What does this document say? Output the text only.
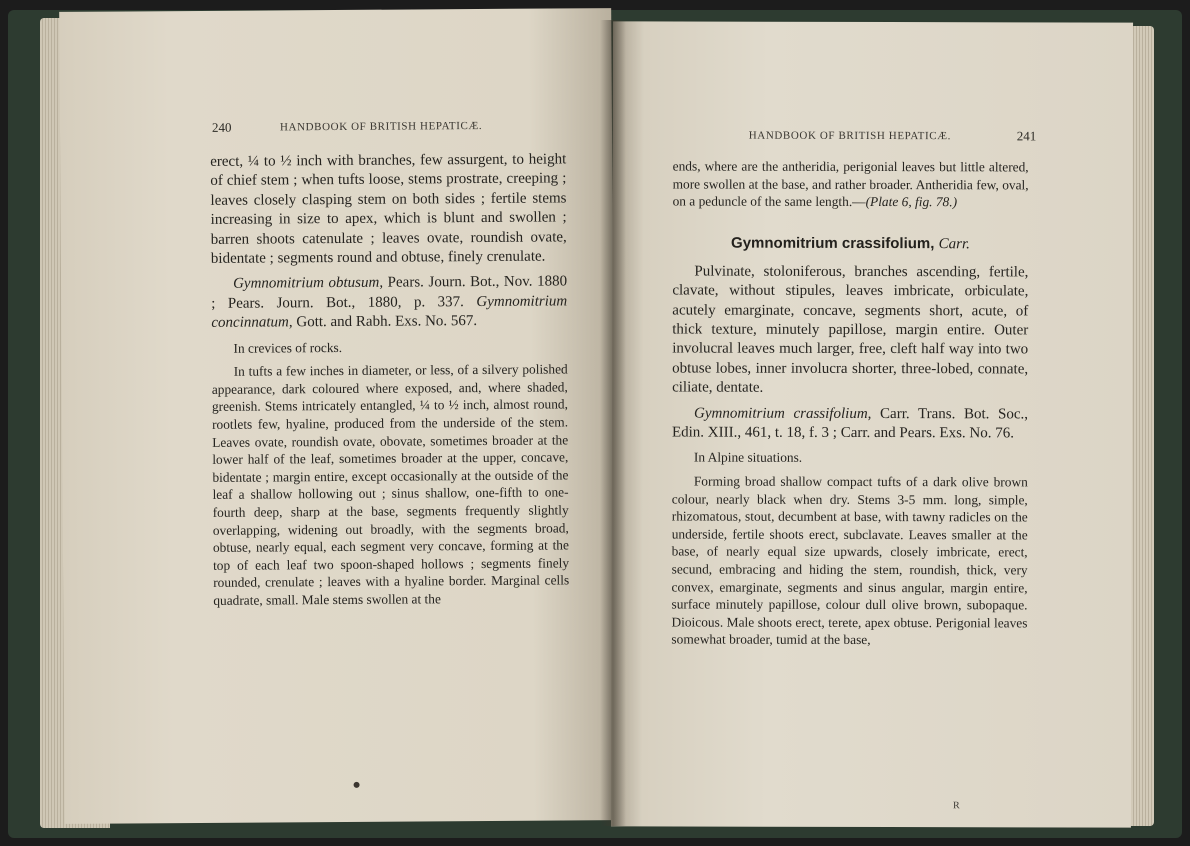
240	HANDBOOK OF BRITISH HEPATICÆ.

erect, ¼ to ½ inch with branches, few assurgent, to height of chief stem ; when tufts loose, stems prostrate, creeping ; leaves closely clasping stem on both sides ; fertile stems increasing in size to apex, which is blunt and swollen ; barren shoots catenulate ; leaves ovate, roundish ovate, bidentate ; segments round and obtuse, finely crenulate.

Gymnomitrium obtusum, Pears. Journ. Bot., Nov. 1880 ; Pears. Journ. Bot., 1880, p. 337. Gymnomitrium concinnatum, Gott. and Rabh. Exs. No. 567.

In crevices of rocks.

In tufts a few inches in diameter, or less, of a silvery polished appearance, dark coloured where exposed, and, where shaded, greenish. Stems intricately entangled, ¼ to ½ inch, almost round, rootlets few, hyaline, produced from the underside of the stem. Leaves ovate, roundish ovate, obovate, sometimes broader at the lower half of the leaf, sometimes broader at the upper, concave, bidentate ; margin entire, except occasionally at the outside of the leaf a shallow hollowing out ; sinus shallow, one-fifth to one-fourth deep, sharp at the base, segments frequently slightly overlapping, widening out broadly, with the segments broad, obtuse, nearly equal, each segment very concave, forming at the top of each leaf two spoon-shaped hollows ; segments finely rounded, crenulate ; leaves with a hyaline border. Marginal cells quadrate, small. Male stems swollen at the

HANDBOOK OF BRITISH HEPATICÆ.	241

ends, where are the antheridia, perigonial leaves but little altered, more swollen at the base, and rather broader. Antheridia few, oval, on a peduncle of the same length.—(Plate 6, fig. 78.)

Gymnomitrium crassifolium, Carr.

Pulvinate, stoloniferous, branches ascending, fertile, clavate, without stipules, leaves imbricate, orbiculate, acutely emarginate, concave, segments short, acute, of thick texture, minutely papillose, margin entire. Outer involucral leaves much larger, free, cleft half way into two obtuse lobes, inner involucra shorter, three-lobed, connate, ciliate, dentate.

Gymnomitrium crassifolium, Carr. Trans. Bot. Soc., Edin. XIII., 461, t. 18, f. 3 ; Carr. and Pears. Exs. No. 76.

In Alpine situations.

Forming broad shallow compact tufts of a dark olive brown colour, nearly black when dry. Stems 3-5 mm. long, simple, rhizomatous, stout, decumbent at base, with tawny radicles on the underside, fertile shoots erect, subclavate. Leaves smaller at the base, of nearly equal size upwards, closely imbricate, erect, secund, embracing and hiding the stem, roundish, thick, very convex, emarginate, segments and sinus angular, margin entire, surface minutely papillose, colour dull olive brown, subopaque. Dioicous. Male shoots erect, terete, apex obtuse. Perigonial leaves somewhat broader, tumid at the base,

R
